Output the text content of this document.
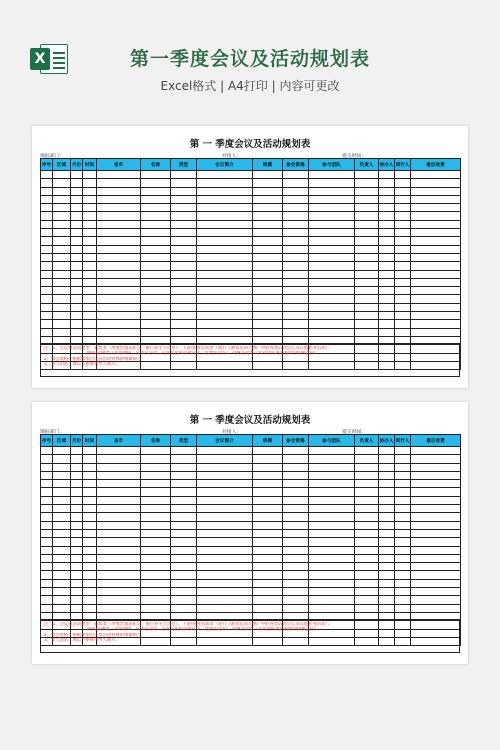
X	第一季度会议及活动规划表
Excel格式 | A4打印 | 内容可更改
第 一 季度会议及活动规划表
填报部门：	对接人：	提交时间：
序号	区域	月份	时间	省市	名称	类型	会议简介	规模	参会资格	参与团队	负责人	协办人	同行人	最后收费

注：1、会议及活动类型：造势类（季度营销表彰会、推行养生大讲堂）；下游/业务培训类（现行《教育培训大纲》中的各类培训会议及其他业务培训）；
　　　　　　　　　　演研/品牌类（市场调研、实体店活动、企业文化和品牌宣传、党建活动等）；特殊活动类（针对团队成员临时的特殊支持）；
2、参会资格：根据参加会议及活动特殊的维做填写
3、参与团队：填以下系统领导人填写；
第 一 季度会议及活动规划表
填报部门：	对接人：	提交时间：
序号	区域	月份	时间	省市	名称	类型	会议简介	规模	参会资格	参与团队	负责人	协办人	同行人	最后收费

注：1、会议及活动类型：造势类（季度营销表彰会、推行养生大讲堂）；下游/业务培训类（现行《教育培训大纲》中的各类培训会议及其他业务培训）；
　　　　　　　　　　演研/品牌类（市场调研、实体店活动、企业文化和品牌宣传、党建活动等）；特殊活动类（针对团队成员临时的特殊支持）；
2、参会资格：根据参加会议及活动特殊的维做填写
3、参与团队：填以下系统领导人填写；
